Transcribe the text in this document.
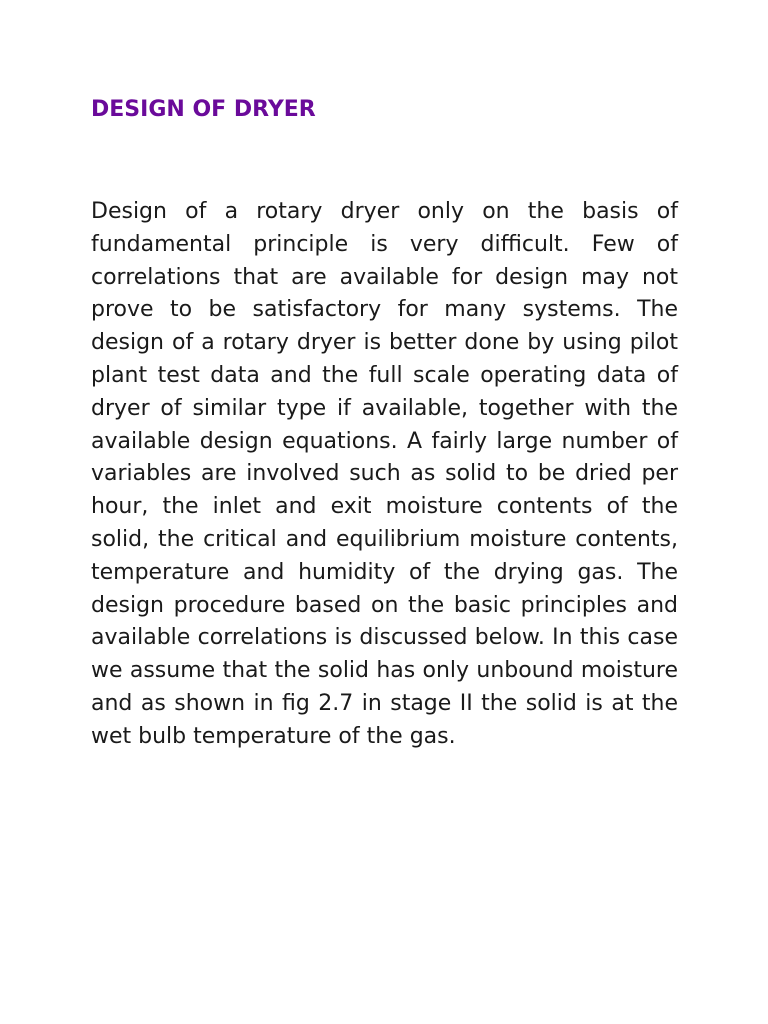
DESIGN OF DRYER

Design of a rotary dryer only on the basis of fundamental principle is very difficult. Few of correlations that are available for design may not prove to be satisfactory for many systems. The design of a rotary dryer is better done by using pilot plant test data and the full scale operating data of dryer of similar type if available, together with the available design equations. A fairly large number of variables are involved such as solid to be dried per hour, the inlet and exit moisture contents of the solid, the critical and equilibrium moisture contents, temperature and humidity of the drying gas. The design procedure based on the basic principles and available correlations is discussed below. In this case we assume that the solid has only unbound moisture and as shown in fig 2.7 in stage II the solid is at the wet bulb temperature of the gas.
